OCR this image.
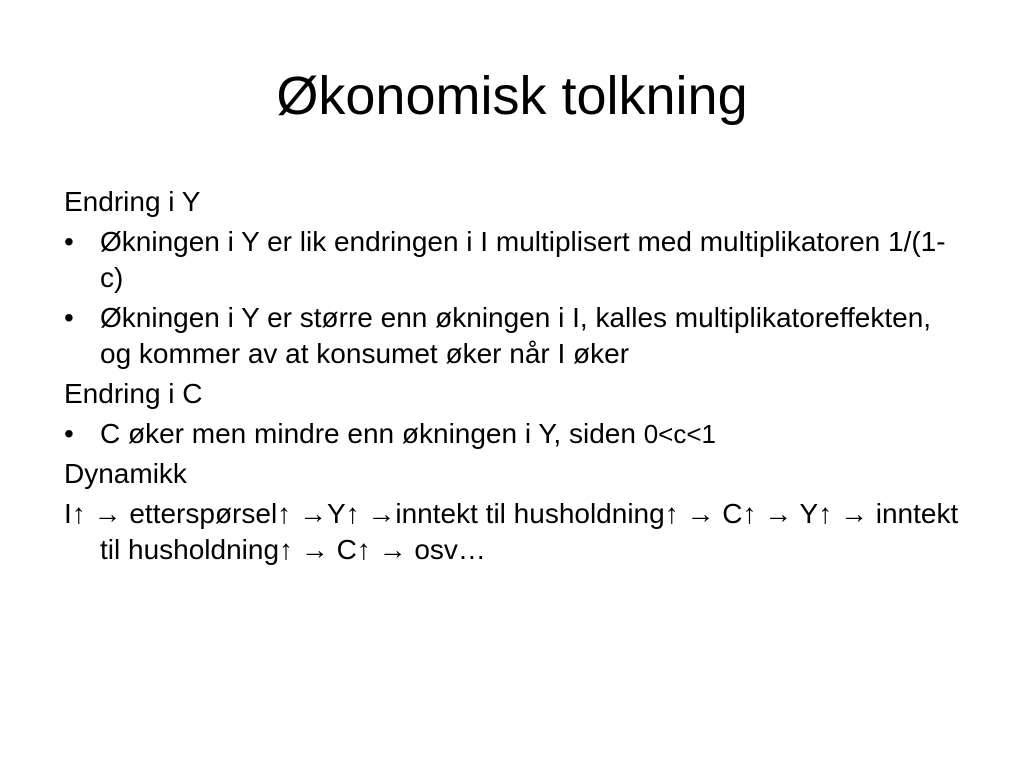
Økonomisk tolkning
Endring i Y
• Økningen i Y er lik endringen i I multiplisert med multiplikatoren 1/(1-c)
• Økningen i Y er større enn økningen i I, kalles multiplikatoreffekten, og kommer av at konsumet øker når I øker
Endring i C
• C øker men mindre enn økningen i Y, siden 0<c<1
Dynamikk
I↑ → etterspørsel↑ →Y↑ →inntekt til husholdning↑ → C↑ → Y↑ → inntekt til husholdning↑ → C↑ → osv…
